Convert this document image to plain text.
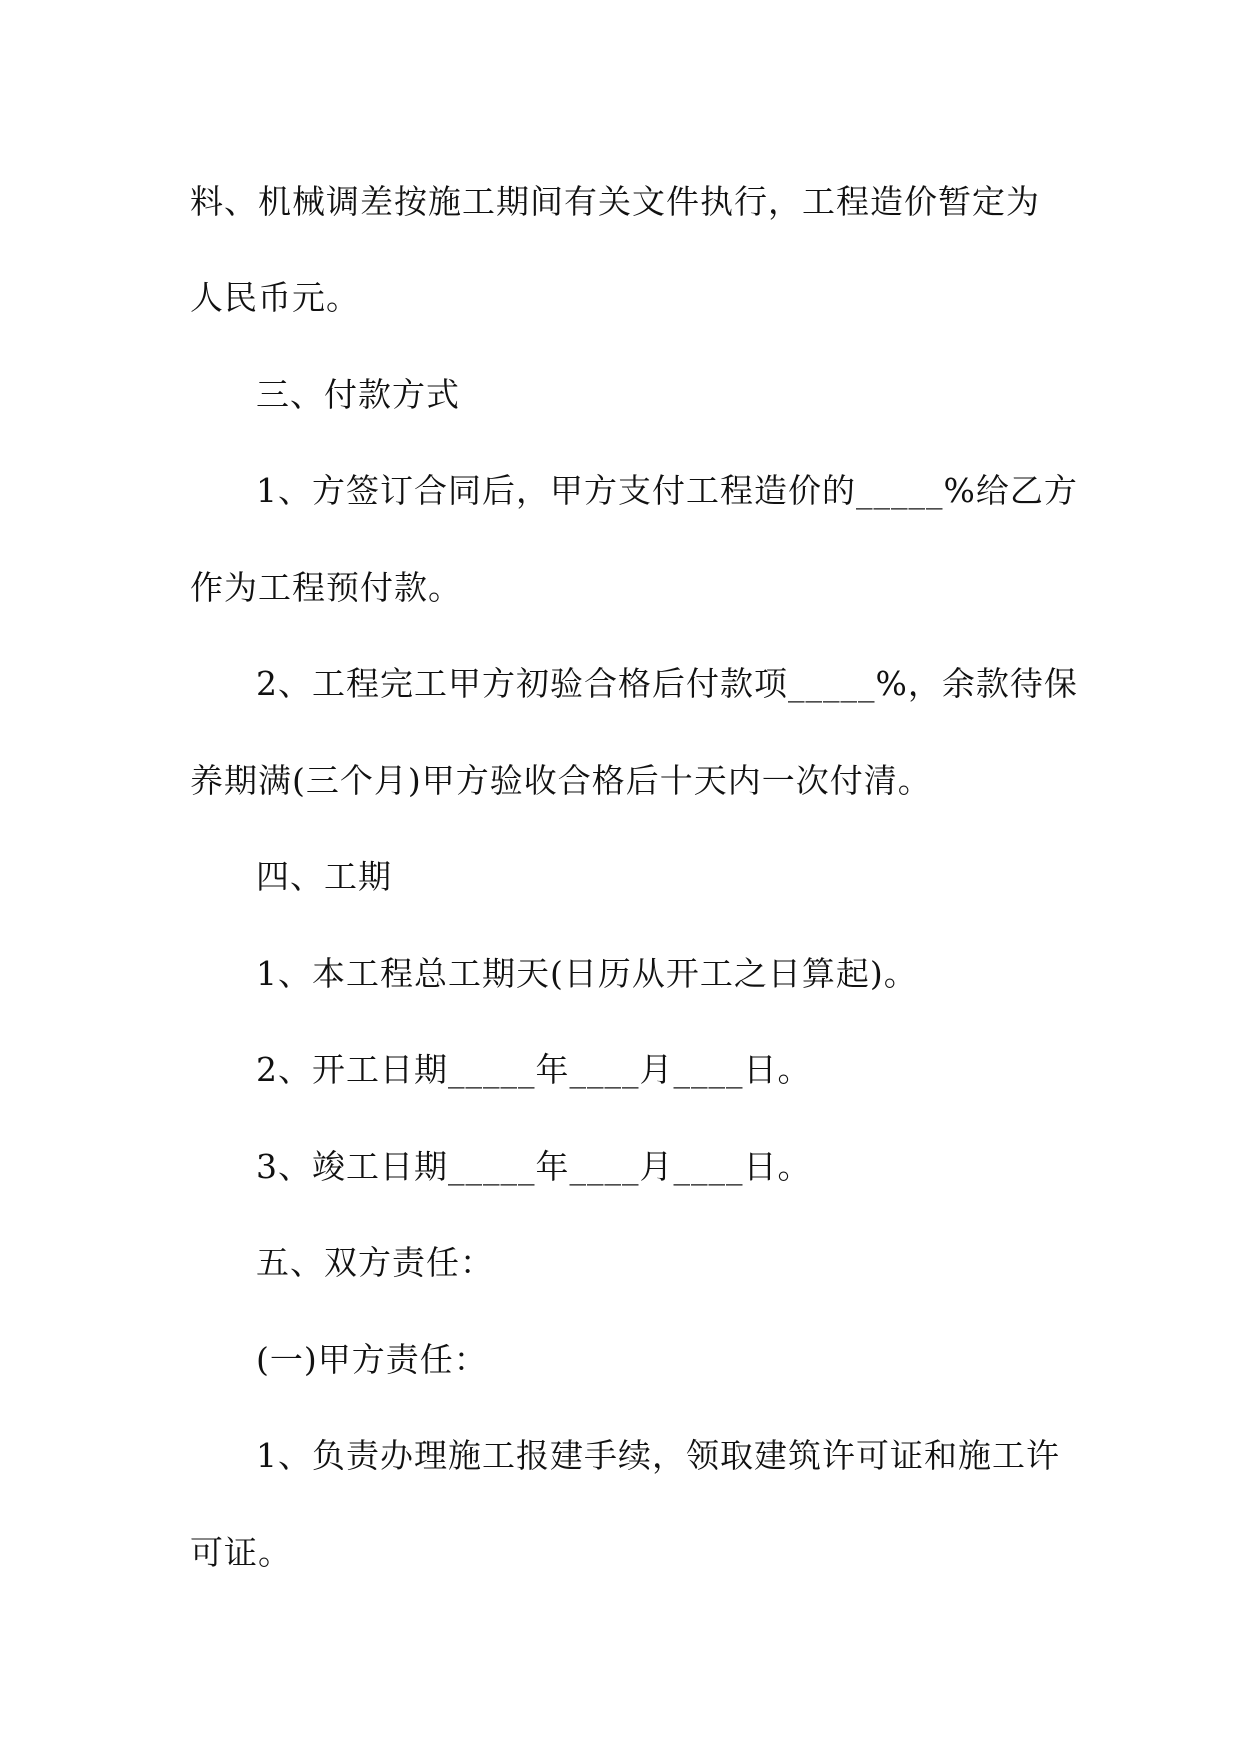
料、机械调差按施工期间有关文件执行，工程造价暂定为
人民币元。
三、付款方式
1、方签订合同后，甲方支付工程造价的_____%给乙方
作为工程预付款。
2、工程完工甲方初验合格后付款项_____%，余款待保
养期满(三个月)甲方验收合格后十天内一次付清。
四、工期
1、本工程总工期天(日历从开工之日算起)。
2、开工日期_____年____月____日。
3、竣工日期_____年____月____日。
五、双方责任：
(一)甲方责任：
1、负责办理施工报建手续，领取建筑许可证和施工许
可证。
